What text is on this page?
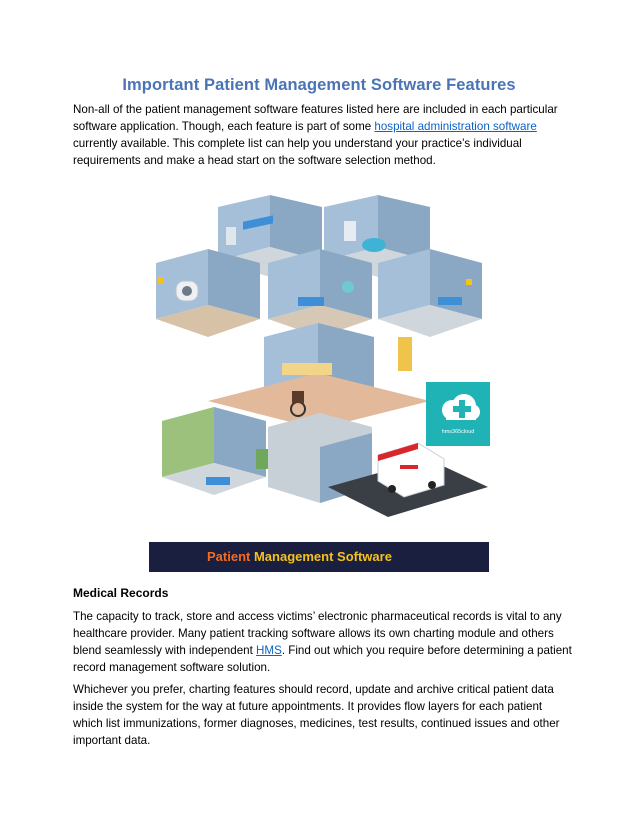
Important Patient Management Software Features
Non-all of the patient management software features listed here are included in each particular software application. Though, each feature is part of some hospital administration software currently available. This complete list can help you understand your practice’s individual requirements and make a head start on the software selection method.
OSZ
hms365cloud
Patient Management Software
Medical Records
The capacity to track, store and access victims’ electronic pharmaceutical records is vital to any healthcare provider. Many patient tracking software allows its own charting module and others blend seamlessly with independent HMS. Find out which you require before determining a patient record management software solution.
Whichever you prefer, charting features should record, update and archive critical patient data inside the system for the way at future appointments. It provides flow layers for each patient which list immunizations, former diagnoses, medicines, test results, continued issues and other important data.
